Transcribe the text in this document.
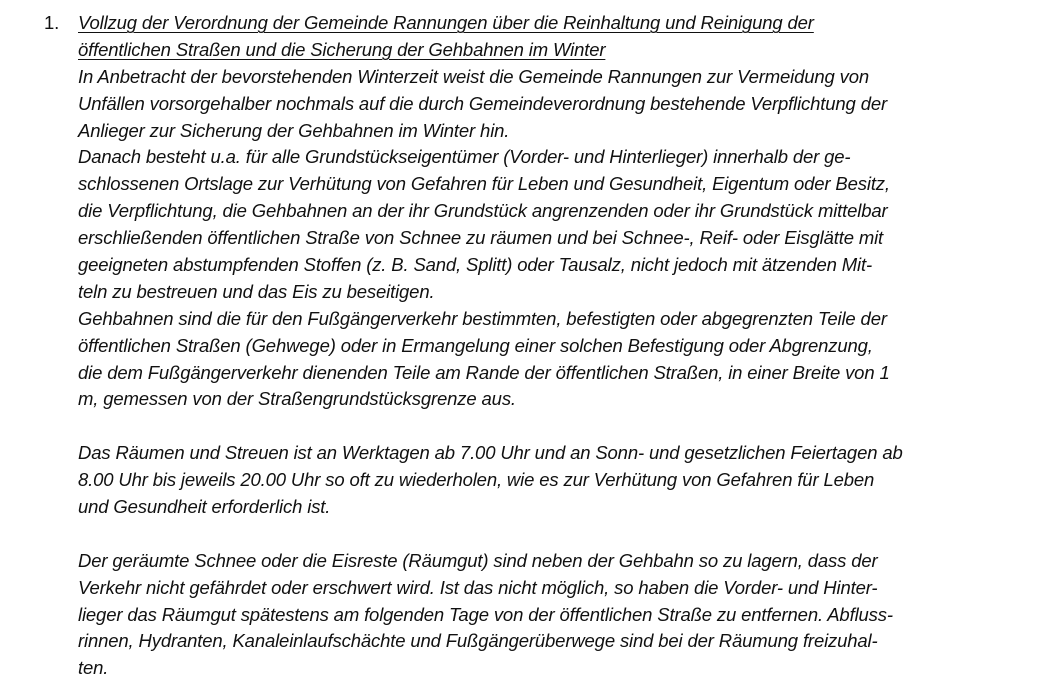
1. Vollzug der Verordnung der Gemeinde Rannungen über die Reinhaltung und Reinigung der
öffentlichen Straßen und die Sicherung der Gehbahnen im Winter
In Anbetracht der bevorstehenden Winterzeit weist die Gemeinde Rannungen zur Vermeidung von
Unfällen vorsorgehalber nochmals auf die durch Gemeindeverordnung bestehende Verpflichtung der
Anlieger zur Sicherung der Gehbahnen im Winter hin.
Danach besteht u.a. für alle Grundstückseigentümer (Vorder- und Hinterlieger) innerhalb der ge-
schlossenen Ortslage zur Verhütung von Gefahren für Leben und Gesundheit, Eigentum oder Besitz,
die Verpflichtung, die Gehbahnen an der ihr Grundstück angrenzenden oder ihr Grundstück mittelbar
erschließenden öffentlichen Straße von Schnee zu räumen und bei Schnee-, Reif- oder Eisglätte mit
geeigneten abstumpfenden Stoffen (z. B. Sand, Splitt) oder Tausalz, nicht jedoch mit ätzenden Mit-
teln zu bestreuen und das Eis zu beseitigen.
Gehbahnen sind die für den Fußgängerverkehr bestimmten, befestigten oder abgegrenzten Teile der
öffentlichen Straßen (Gehwege) oder in Ermangelung einer solchen Befestigung oder Abgrenzung,
die dem Fußgängerverkehr dienenden Teile am Rande der öffentlichen Straßen, in einer Breite von 1
m, gemessen von der Straßengrundstücksgrenze aus.
Das Räumen und Streuen ist an Werktagen ab 7.00 Uhr und an Sonn- und gesetzlichen Feiertagen ab
8.00 Uhr bis jeweils 20.00 Uhr so oft zu wiederholen, wie es zur Verhütung von Gefahren für Leben
und Gesundheit erforderlich ist.
Der geräumte Schnee oder die Eisreste (Räumgut) sind neben der Gehbahn so zu lagern, dass der
Verkehr nicht gefährdet oder erschwert wird. Ist das nicht möglich, so haben die Vorder- und Hinter-
lieger das Räumgut spätestens am folgenden Tage von der öffentlichen Straße zu entfernen. Abfluss-
rinnen, Hydranten, Kanaleinlaufschächte und Fußgängerüberwege sind bei der Räumung freizuhal-
ten.
